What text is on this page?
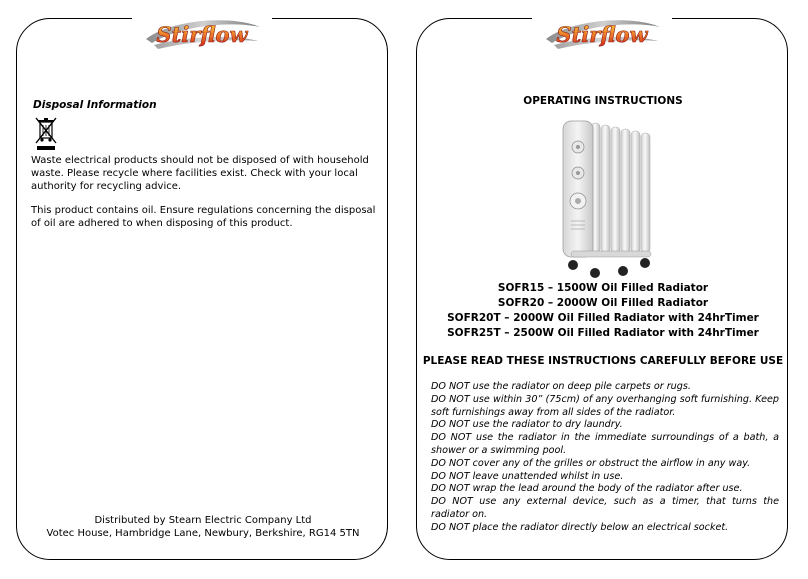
Stirflow
Disposal Information

Waste electrical products should not be disposed of with household waste. Please recycle where facilities exist. Check with your local authority for recycling advice.

This product contains oil. Ensure regulations concerning the disposal of oil are adhered to when disposing of this product.

Distributed by Stearn Electric Company Ltd
Votec House, Hambridge Lane, Newbury, Berkshire, RG14 5TN
Stirflow
OPERATING INSTRUCTIONS
SOFR15 – 1500W Oil Filled Radiator
SOFR20 – 2000W Oil Filled Radiator
SOFR20T – 2000W Oil Filled Radiator with 24hrTimer
SOFR25T – 2500W Oil Filled Radiator with 24hrTimer
PLEASE READ THESE INSTRUCTIONS CAREFULLY BEFORE USE
DO NOT use the radiator on deep pile carpets or rugs.
DO NOT use within 30” (75cm) of any overhanging soft furnishing. Keep soft furnishings away from all sides of the radiator.
DO NOT use the radiator to dry laundry.
DO NOT use the radiator in the immediate surroundings of a bath, a shower or a swimming pool.
DO NOT cover any of the grilles or obstruct the airflow in any way.
DO NOT leave unattended whilst in use.
DO NOT wrap the lead around the body of the radiator after use.
DO NOT use any external device, such as a timer, that turns the radiator on.
DO NOT place the radiator directly below an electrical socket.
